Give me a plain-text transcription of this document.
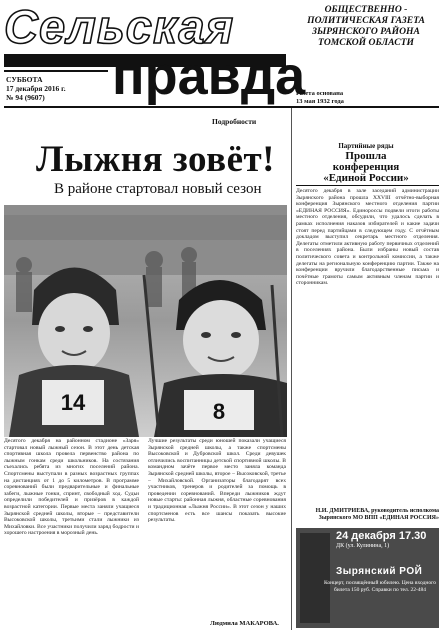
Сельская
правда
ОБЩЕСТВЕННО - ПОЛИТИЧЕСКАЯ ГАЗЕТА ЗЫРЯНСКОГО РАЙОНА ТОМСКОЙ ОБЛАСТИ
СУББОТА
17 декабря 2016 г.
№ 94 (9607)	Газета основана
13 мая 1932 года
Подробности
Лыжня зовёт!
В районе стартовал новый сезон
14	8
Десятого декабря на районном стадионе «Заря» стартовал новый лыжный сезон. В этот день детская спортивная школа провела первенство района по лыжным гонкам среди школьников. На состязания съехались ребята из многих поселений района. Спортсмены выступали в разных возрастных группах на дистанциях от 1 до 5 километров. В программе соревнований были предварительные и финальные забеги, лыжные гонки, спринт, свободный ход. Судьи определили победителей и призёров в каждой возрастной категории. Первые места заняли учащиеся Зырянской средней школы, вторые – представители Высоковской школы, третьими стали лыжники из Михайловки. Все участники получили заряд бодрости и хорошего настроения в морозный день.
Лучшие результаты среди юношей показали учащиеся Зырянской средней школы, а также спортсмены Высоковской и Дубровской школ. Среди девушек отличились воспитанницы детской спортивной школы. В командном зачёте первое место заняла команда Зырянской средней школы, второе – Высоковской, третье – Михайловской. Организаторы благодарят всех участников, тренеров и родителей за помощь в проведении соревнований. Впереди лыжников ждут новые старты: районная лыжня, областные соревнования и традиционная «Лыжня России». В этот сезон у наших спортсменов есть все шансы показать высокие результаты.
Людмила МАКАРОВА.
Партийные ряды
Прошла
конференция
«Единой России»
Десятого декабря в зале заседаний администрации Зырянского района прошла XXVIII отчётно-выборная конференция Зырянского местного отделения партии «ЕДИНАЯ РОССИЯ». Единороссы подвели итоги работы местного отделения, обсудили, что удалось сделать в рамках исполнения наказов избирателей и какие задачи стоят перед партийцами в следующем году. С отчётным докладом выступил секретарь местного отделения. Делегаты отметили активную работу первичных отделений в поселениях района. Были избраны новый состав политического совета и контрольной комиссии, а также делегаты на региональную конференцию партии. Также на конференции вручили благодарственные письма и почётные грамоты самым активным членам партии и сторонникам.
Н.И. ДМИТРИЕВА, руководитель исполкома Зырянского МО ВПП «ЕДИНАЯ РОССИЯ»
24 декабря 17.30
ДК (ул. Кулинина, 1)
Зырянский РОЙ
Концерт, посвящённый юбилею. Цена входного билета 150 руб. Справки по тел. 22-484
